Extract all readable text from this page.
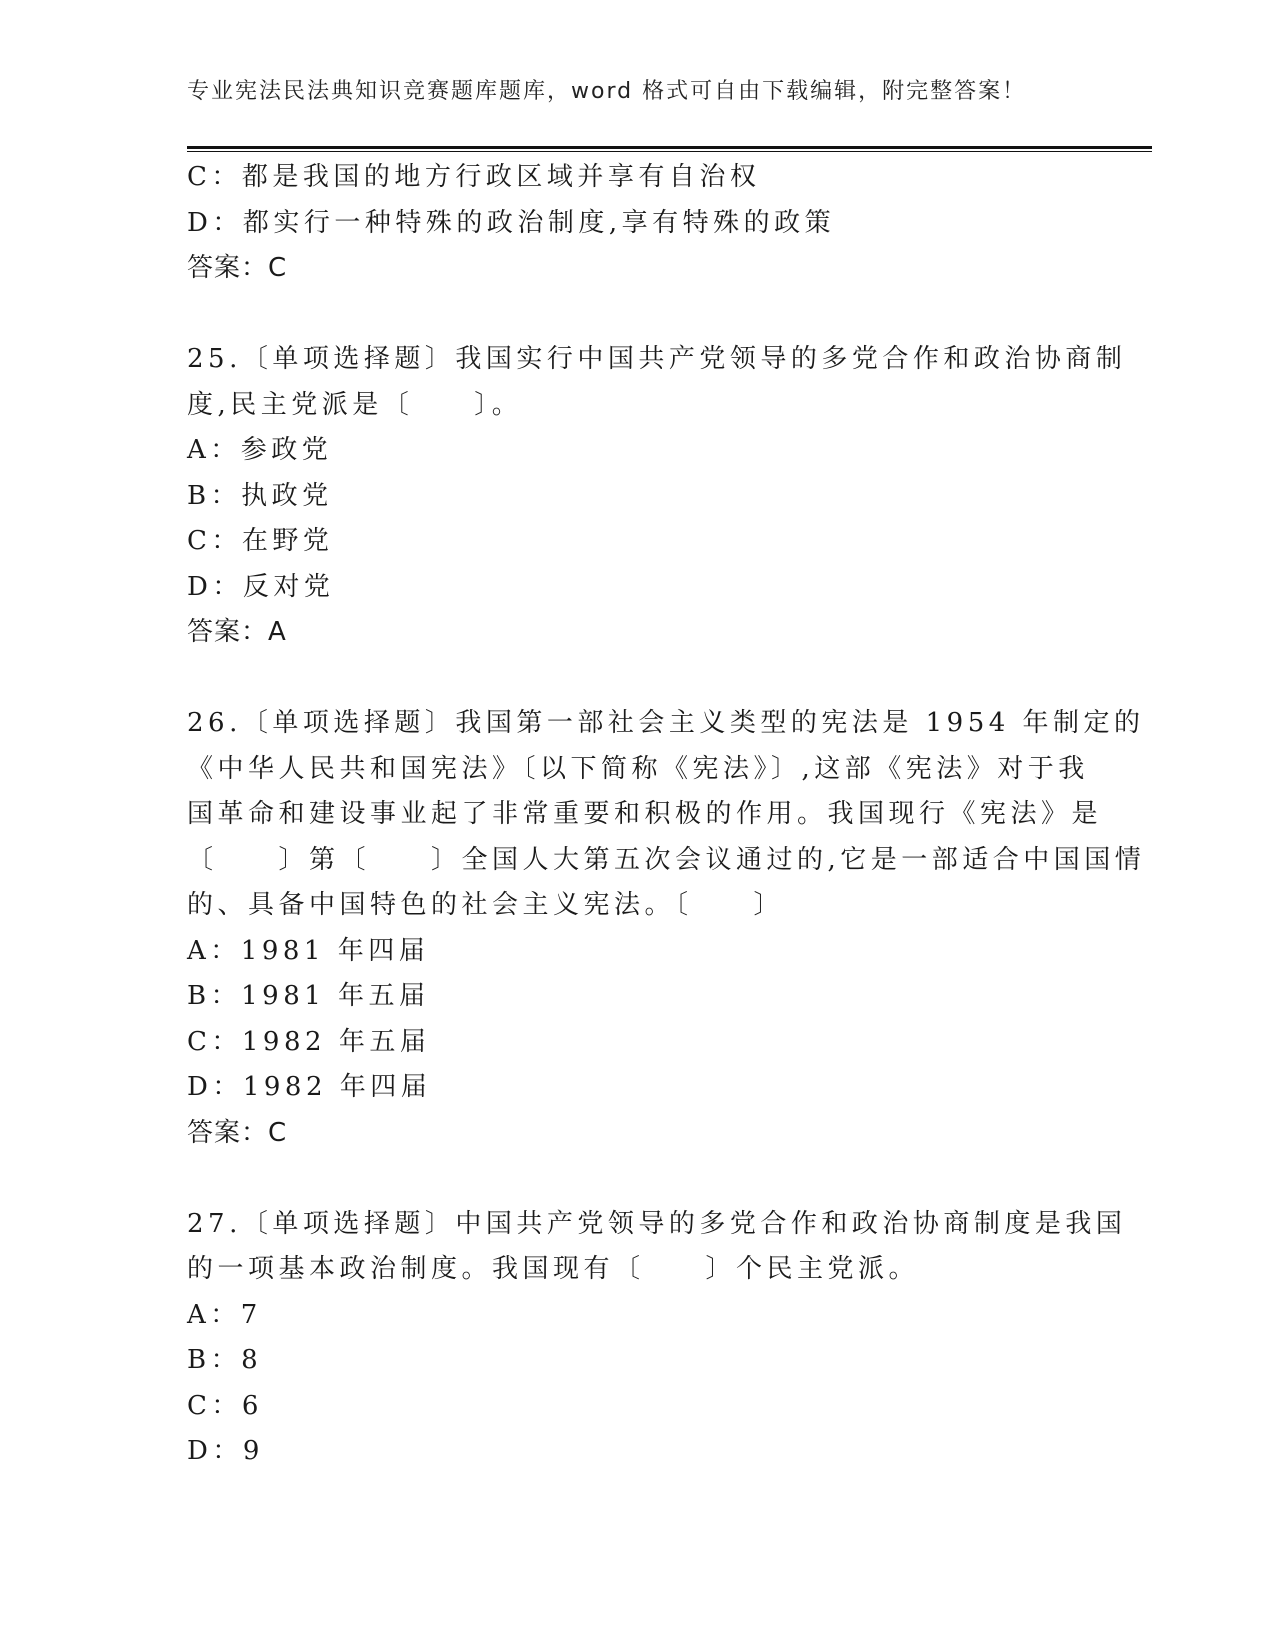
专业宪法民法典知识竞赛题库题库，word 格式可自由下载编辑，附完整答案！
C：都是我国的地方行政区域并享有自治权
D：都实行一种特殊的政治制度,享有特殊的政策
答案：C
25.〔单项选择题〕我国实行中国共产党领导的多党合作和政治协商制
度,民主党派是〔　　〕。
A：参政党
B：执政党
C：在野党
D：反对党
答案：A
26.〔单项选择题〕我国第一部社会主义类型的宪法是 1954 年制定的
《中华人民共和国宪法》〔以下简称《宪法》〕,这部《宪法》对于我
国革命和建设事业起了非常重要和积极的作用。我国现行《宪法》是
〔　　〕第〔　　〕全国人大第五次会议通过的,它是一部适合中国国情
的、具备中国特色的社会主义宪法。〔　　〕
A：1981 年四届
B：1981 年五届
C：1982 年五届
D：1982 年四届
答案：C
27.〔单项选择题〕中国共产党领导的多党合作和政治协商制度是我国
的一项基本政治制度。我国现有〔　　〕个民主党派。
A：7
B：8
C：6
D：9
